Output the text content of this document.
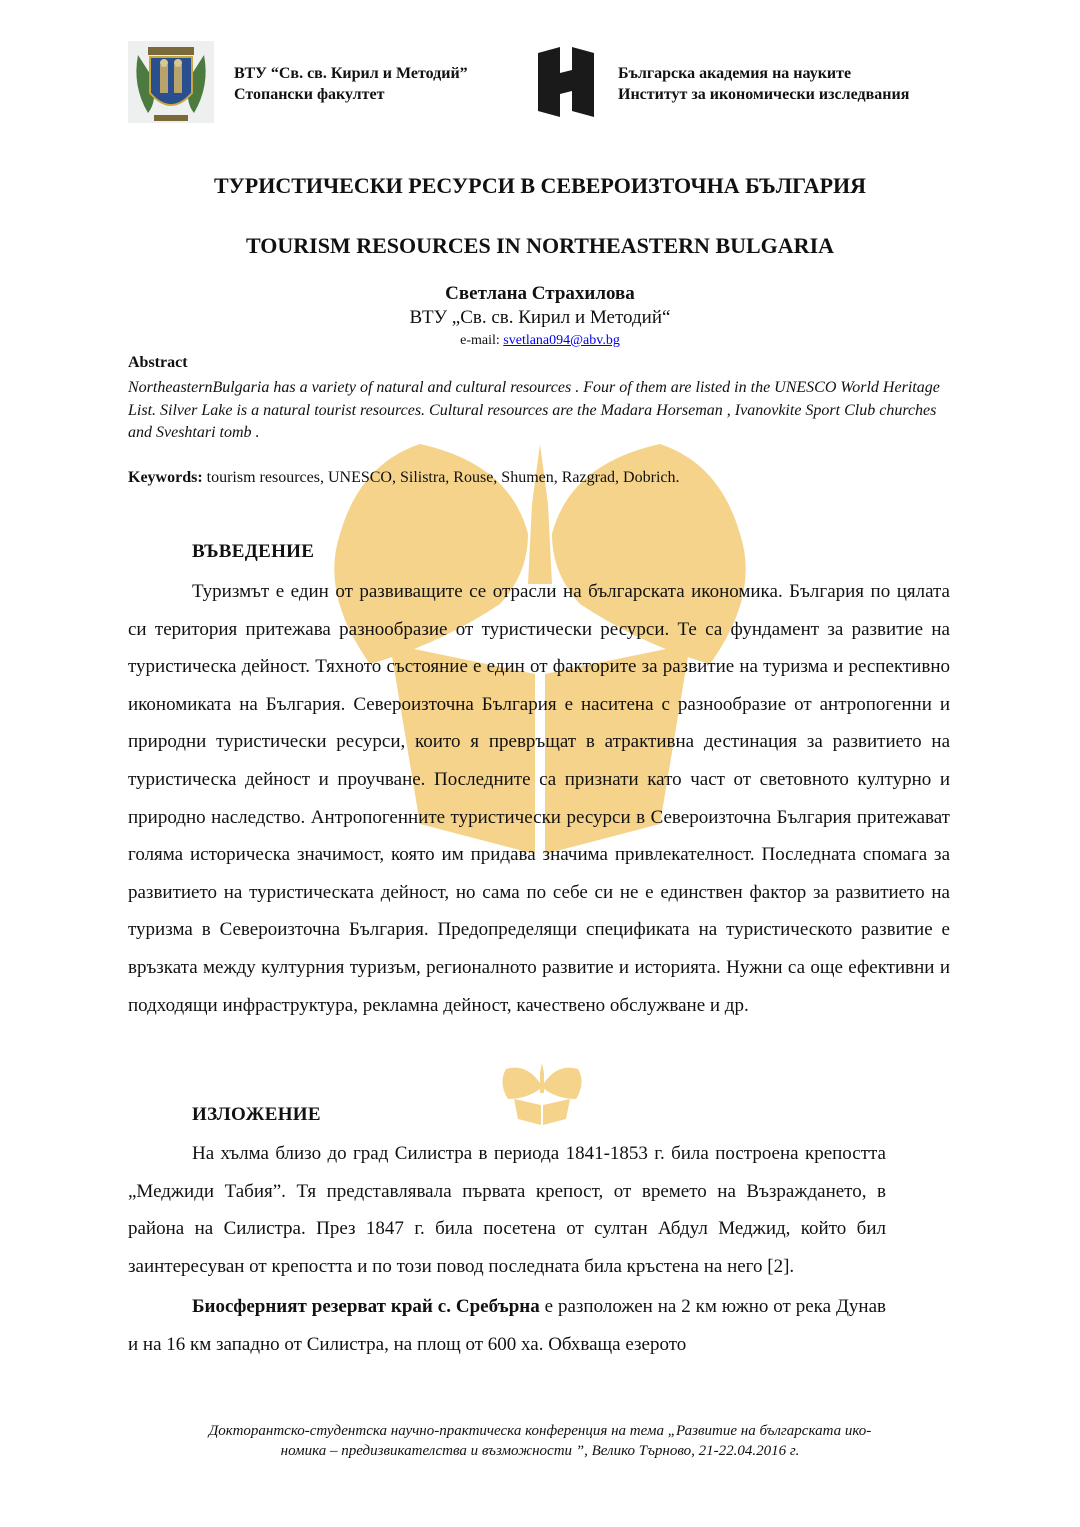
ВТУ “Св. св. Кирил и Методий”
Стопански факултет
Българска академия на науките
Институт за икономически изследвания
ТУРИСТИЧЕСКИ РЕСУРСИ В СЕВЕРОИЗТОЧНА БЪЛГАРИЯ
TOURISM RESOURCES IN NORTHEASTERN BULGARIA
Светлана Страхилова
ВТУ „Св. св. Кирил и Методий“
e-mail: svetlana094@abv.bg
Abstract
NortheasternBulgaria has a variety of natural and cultural resources . Four of them are listed in the UNESCO World Heritage List. Silver Lake is a natural tourist resources. Cultural resources are the Madara Horseman , Ivanovkite Sport Club churches and Sveshtari tomb .
Keywords: tourism resources, UNESCO, Silistra, Rouse, Shumen, Razgrad, Dobrich.
ВЪВЕДЕНИЕ

Туризмът е един от развиващите се отрасли на българската икономика. България по цялата си територия притежава разнообразие от туристически ресурси. Те са фундамент за развитие на туристическа дейност. Тяхното състояние е един от факторите за развитие на туризма и респективно икономиката на България. Североизточна България е наситена с разнообразие от антропогенни и природни туристически ресурси, които я превръщат в атрактивна дестинация за развитието на туристическа дейност и проучване. Последните са признати като част от световното културно и природно наследство. Антропогенните туристически ресурси в Североизточна България притежават голяма историческа значимост, която им придава значима привлекателност. Последната спомага за развитието на туристическата дейност, но сама по себе си не е единствен фактор за развитието на туризма в Североизточна България. Предопределящи спецификата на туристическото развитие е връзката между културния туризъм, регионалното развитие и историята. Нужни са още ефективни и подходящи инфраструктура, рекламна дейност, качествено обслужване и др.

ИЗЛОЖЕНИЕ

На хълма близо до град Силистра в периода 1841-1853 г. била построена крепостта „Меджиди Табия”. Тя представлявала първата крепост, от времето на Възраждането, в района на Силистра. През 1847 г. била посетена от султан Абдул Меджид, който бил заинтересуван от крепостта и по този повод последната била кръстена на него [2].

Биосферният резерват край с. Сребърна е разположен на 2 км южно от река Дунав и на 16 км западно от Силистра, на площ от 600 ха. Обхваща езерото

Докторантско-студентска научно-практическа конференция на тема „Развитие на българската ико-
номика – предизвикателства и възможности ”, Велико Търново, 21-22.04.2016 г.
